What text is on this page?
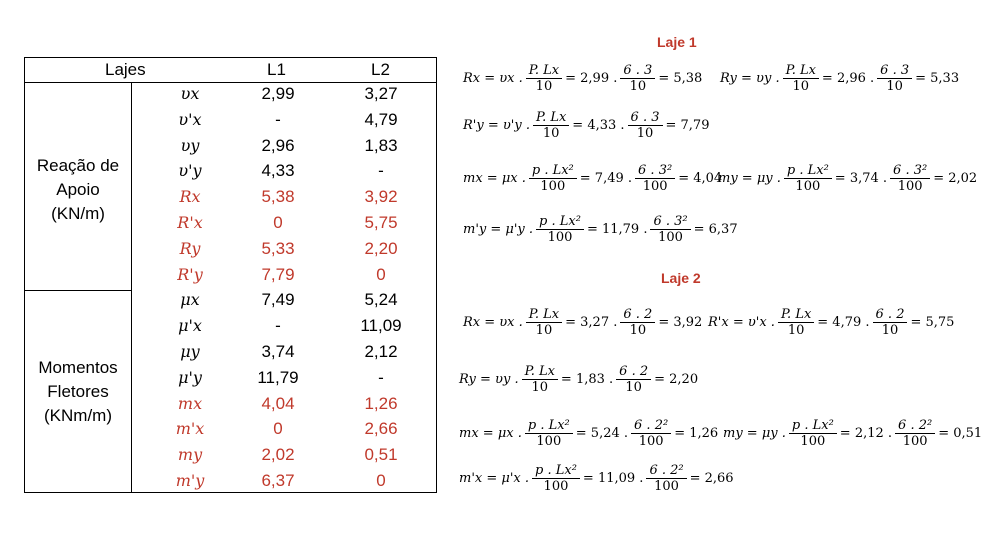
Lajes	L1	L2
Reação de
Apoio
(KN/m)
Momentos
Fletores
(KNm/m)
υx	2,99	3,27
υ'x	-	4,79
υy	2,96	1,83
υ'y	4,33	-
Rx	5,38	3,92
R'x	0	5,75
Ry	5,33	2,20
R'y	7,79	0
μx	7,49	5,24
μ'x	-	11,09
μy	3,74	2,12
μ'y	11,79	-
mx	4,04	1,26
m'x	0	2,66
my	2,02	0,51
m'y	6,37	0
Laje 1
Rx = υx . $\frac{P. Lx}{10} = 2,99$ . $\frac{6 . 3}{10} = 5,38$ Ry = υy . $\frac{P. Lx}{10} = 2,96$ . $\frac{6 . 3}{10} = 5,33$
R'y = υ'y . $\frac{P. Lx}{10} = 4,33$ . $\frac{6 . 3}{10} = 7,79$
mx = μx . $\frac{\text{p . Lx²}}{100} = 7,49$ . $\frac{\text{6 . 3²}}{100} = 4,04$
my = μy . $\frac{\text{p . Lx²}}{100} = 3,74$ . $\frac{\text{6 . 3²}}{100} = 2,02$
m'y = μ'y . $\frac{\text{p . Lx²}}{100} = 11,79$ . $\frac{\text{6 . 3²}}{100} = 6,37$
Laje 2
Rx = υx . $\frac{P. Lx}{10} = 3,27$ . $\frac{6 . 2}{10} = 3,92$ R'x = υ'x . $\frac{P. Lx}{10} = 4,79$ . $\frac{6 . 2}{10} = 5,75$
Ry = υy . $\frac{P. Lx}{10} = 1,83$ . $\frac{6 . 2}{10} = 2,20$
mx = μx . $\frac{\text{p . Lx²}}{100} = 5,24$ . $\frac{\text{6 . 2²}}{100} = 1,26$ my = μy . $\frac{\text{p . Lx²}}{100} = 2,12$ . $\frac{\text{6 . 2²}}{100} = 0,51$
m'x = μ'x . $\frac{\text{p . Lx²}}{100} = 11,09$ . $\frac{\text{6 . 2²}}{100} = 2,66$
